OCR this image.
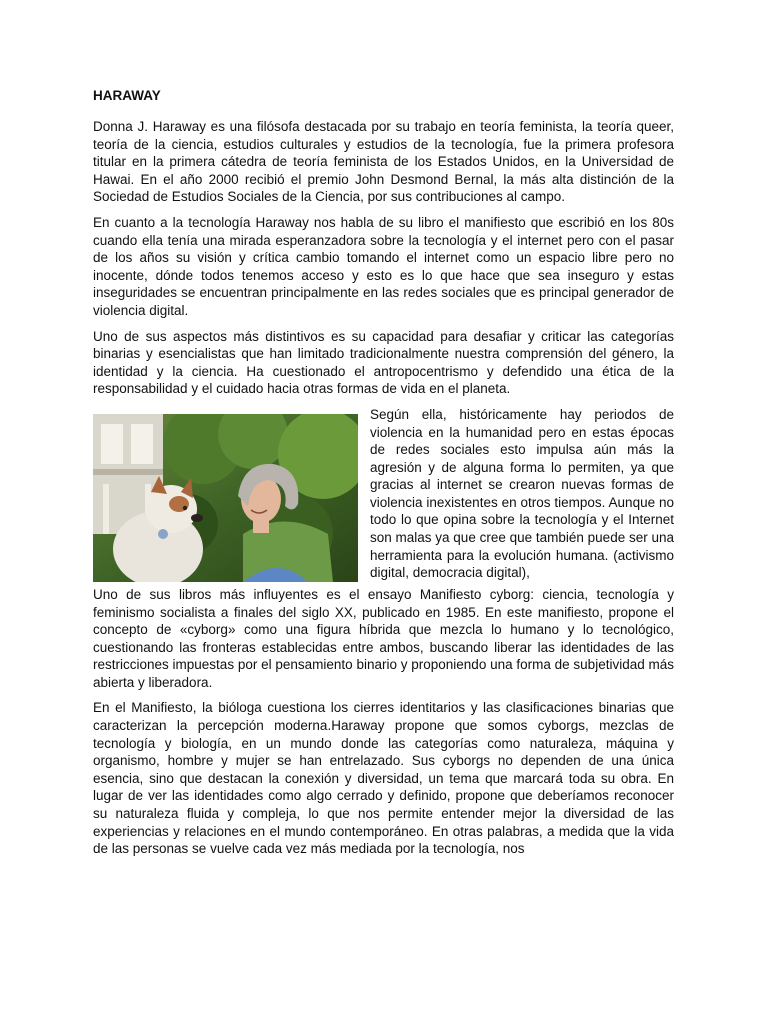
HARAWAY

Donna J. Haraway es una filósofa destacada por su trabajo en teoría feminista, la teoría queer, teoría de la ciencia, estudios culturales y estudios de la tecnología, fue la primera profesora titular en la primera cátedra de teoría feminista de los Estados Unidos, en la Universidad de Hawai. En el año 2000 recibió el premio John Desmond Bernal, la más alta distinción de la Sociedad de Estudios Sociales de la Ciencia, por sus contribuciones al campo.

En cuanto a la tecnología Haraway nos habla de su libro el manifiesto que escribió en los 80s cuando ella tenía una mirada esperanzadora sobre la tecnología y el internet pero con el pasar de los años su visión y crítica cambio tomando el internet como un espacio libre pero no inocente, dónde todos tenemos acceso y esto es lo que hace que sea inseguro y estas inseguridades se encuentran principalmente en las redes sociales que es principal generador de violencia digital.

Uno de sus aspectos más distintivos es su capacidad para desafiar y criticar las categorías binarias y esencialistas que han limitado tradicionalmente nuestra comprensión del género, la identidad y la ciencia. Ha cuestionado el antropocentrismo y defendido una ética de la responsabilidad y el cuidado hacia otras formas de vida en el planeta.

Según ella, históricamente hay periodos de violencia en la humanidad pero en estas épocas de redes sociales esto impulsa aún más la agresión y de alguna forma lo permiten, ya que gracias al internet se crearon nuevas formas de violencia inexistentes en otros tiempos. Aunque no todo lo que opina sobre la tecnología y el Internet son malas ya que cree que también puede ser una herramienta para la evolución humana. (activismo digital, democracia digital),

Uno de sus libros más influyentes es el ensayo Manifiesto cyborg: ciencia, tecnología y feminismo socialista a finales del siglo XX, publicado en 1985. En este manifiesto, propone el concepto de «cyborg» como una figura híbrida que mezcla lo humano y lo tecnológico, cuestionando las fronteras establecidas entre ambos, buscando liberar las identidades de las restricciones impuestas por el pensamiento binario y proponiendo una forma de subjetividad más abierta y liberadora.

En el Manifiesto, la bióloga cuestiona los cierres identitarios y las clasificaciones binarias que caracterizan la percepción moderna.Haraway propone que somos cyborgs, mezclas de tecnología y biología, en un mundo donde las categorías como naturaleza, máquina y organismo, hombre y mujer se han entrelazado. Sus cyborgs no dependen de una única esencia, sino que destacan la conexión y diversidad, un tema que marcará toda su obra. En lugar de ver las identidades como algo cerrado y definido, propone que deberíamos reconocer su naturaleza fluida y compleja, lo que nos permite entender mejor la diversidad de las experiencias y relaciones en el mundo contemporáneo. En otras palabras, a medida que la vida de las personas se vuelve cada vez más mediada por la tecnología, nos
